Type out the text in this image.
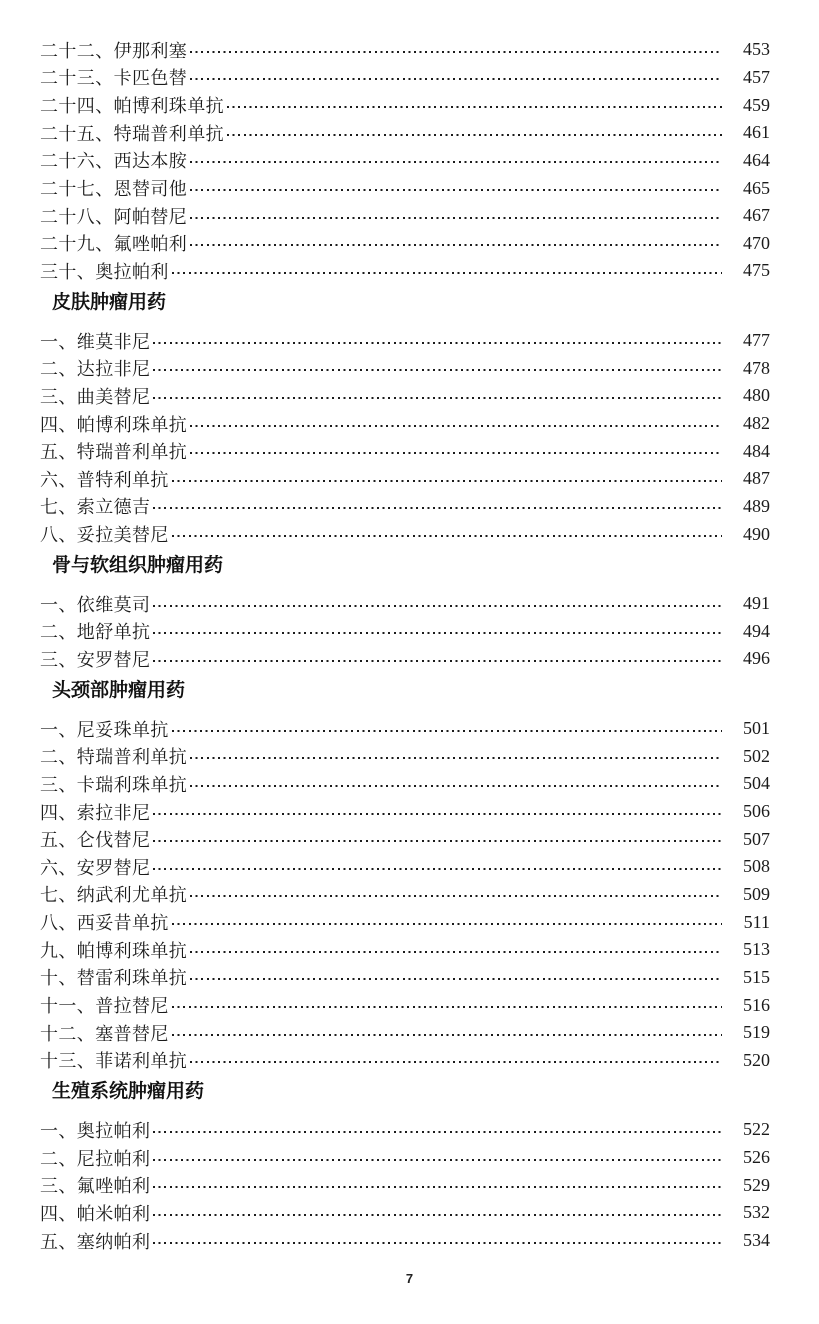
二十二、伊那利塞	453
二十三、卡匹色替	457
二十四、帕博利珠单抗	459
二十五、特瑞普利单抗	461
二十六、西达本胺	464
二十七、恩替司他	465
二十八、阿帕替尼	467
二十九、氟唑帕利	470
三十、奥拉帕利	475
皮肤肿瘤用药
一、维莫非尼	477
二、达拉非尼	478
三、曲美替尼	480
四、帕博利珠单抗	482
五、特瑞普利单抗	484
六、普特利单抗	487
七、索立德吉	489
八、妥拉美替尼	490
骨与软组织肿瘤用药
一、依维莫司	491
二、地舒单抗	494
三、安罗替尼	496
头颈部肿瘤用药
一、尼妥珠单抗	501
二、特瑞普利单抗	502
三、卡瑞利珠单抗	504
四、索拉非尼	506
五、仑伐替尼	507
六、安罗替尼	508
七、纳武利尤单抗	509
八、西妥昔单抗	511
九、帕博利珠单抗	513
十、替雷利珠单抗	515
十一、普拉替尼	516
十二、塞普替尼	519
十三、菲诺利单抗	520
生殖系统肿瘤用药
一、奥拉帕利	522
二、尼拉帕利	526
三、氟唑帕利	529
四、帕米帕利	532
五、塞纳帕利	534
7
